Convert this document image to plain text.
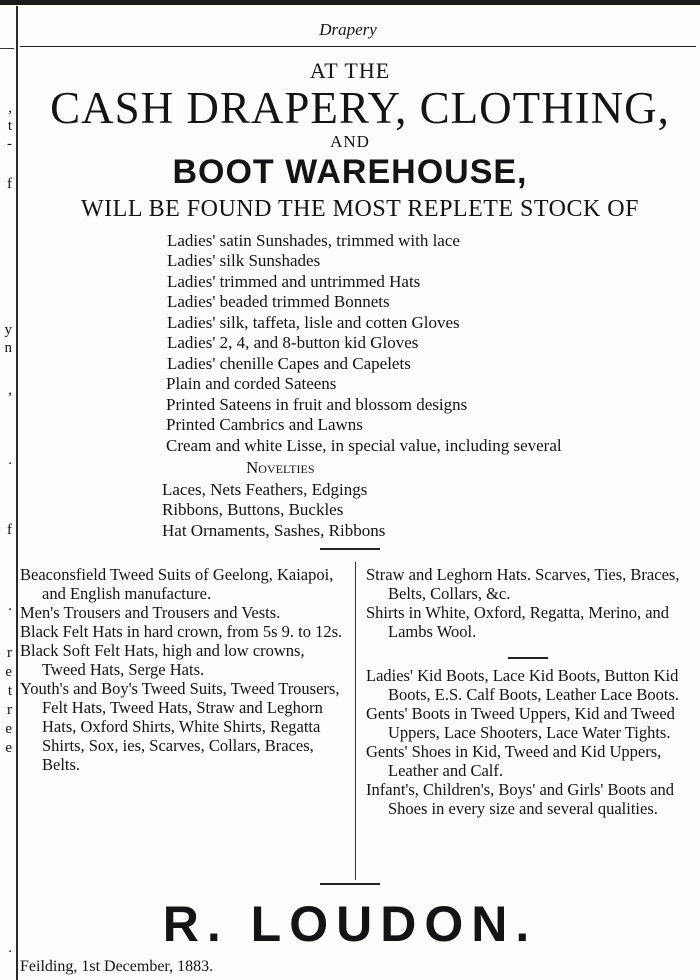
,
t
-
f
y
n
,
.
f
.
r
e
t
r
e
e
.
Drapery
AT THE
CASH DRAPERY, CLOTHING,
AND
BOOT WAREHOUSE,
WILL BE FOUND THE MOST REPLETE STOCK OF
Ladies' satin Sunshades, trimmed with lace
Ladies' silk Sunshades
Ladies' trimmed and untrimmed Hats
Ladies' beaded trimmed Bonnets
Ladies' silk, taffeta, lisle and cotten Gloves
Ladies' 2, 4, and 8-button kid Gloves
Ladies' chenille Capes and Capelets
Plain and corded Sateens
Printed Sateens in fruit and blossom designs
Printed Cambrics and Lawns
Cream and white Lisse, in special value, including several
Novelties
Laces, Nets Feathers, Edgings
Ribbons, Buttons, Buckles
Hat Ornaments, Sashes, Ribbons
Beaconsfield Tweed Suits of Geelong, Kaiapoi, and English manufacture.
Men's Trousers and Trousers and Vests.
Black Felt Hats in hard crown, from 5s 9. to 12s.
Black Soft Felt Hats, high and low crowns, Tweed Hats, Serge Hats.
Youth's and Boy's Tweed Suits, Tweed Trousers, Felt Hats, Tweed Hats, Straw and Leghorn Hats, Oxford Shirts, White Shirts, Regatta Shirts, Sox, ies, Scarves, Collars, Braces, Belts.
Straw and Leghorn Hats. Scarves, Ties, Braces, Belts, Collars, &c.
Shirts in White, Oxford, Regatta, Merino, and Lambs Wool.
Ladies' Kid Boots, Lace Kid Boots, Button Kid Boots, E.S. Calf Boots, Leather Lace Boots.
Gents' Boots in Tweed Uppers, Kid and Tweed Uppers, Lace Shooters, Lace Water Tights.
Gents' Shoes in Kid, Tweed and Kid Uppers, Leather and Calf.
Infant's, Children's, Boys' and Girls' Boots and Shoes in every size and several qualities.
R. LOUDON.
Feilding, 1st December, 1883.
